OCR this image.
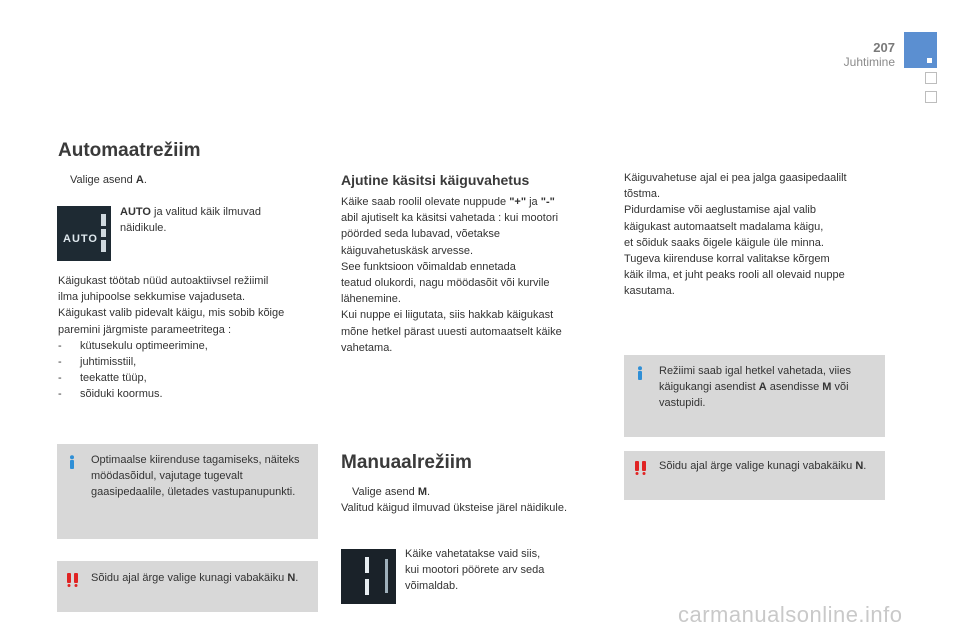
207
Juhtimine
Automaatrežiim
Valige asend A.
AUTO
AUTO ja valitud käik ilmuvad näidikule.

Käigukast töötab nüüd autoaktiivsel režiimil

ilma juhipoolse sekkumise vajaduseta.

Käigukast valib pidevalt käigu, mis sobib kõige

paremini järgmiste parameetritega :

-	kütusekulu optimeerimine,
-	juhtimisstiil,
-	teekatte tüüp,
-	sõiduki koormus.
Optimaalse kiirenduse tagamiseks, näiteks möödasõidul, vajutage tugevalt gaasipedaalile, ületades vastupanupunkti.
Sõidu ajal ärge valige kunagi vabakäiku N.
Ajutine käsitsi käiguvahetus

Käike saab roolil olevate nuppude "+" ja "-"

abil ajutiselt ka käsitsi vahetada : kui mootori

pöörded seda lubavad, võetakse

käiguvahetuskäsk arvesse.

See funktsioon võimaldab ennetada

teatud olukordi, nagu möödasõit või kurvile

lähenemine.

Kui nuppe ei liigutata, siis hakkab käigukast

mõne hetkel pärast uuesti automaatselt käike

vahetama.

Manuaalrežiim
Valige asend M.

Valitud käigud ilmuvad üksteise järel näidikule.

Käike vahetatakse vaid siis,

kui mootori pöörete arv seda

võimaldab.

Käiguvahetuse ajal ei pea jalga gaasipedaalilt

tõstma.

Pidurdamise või aeglustamise ajal valib

käigukast automaatselt madalama käigu,

et sõiduk saaks õigele käigule üle minna.

Tugeva kiirenduse korral valitakse kõrgem

käik ilma, et juht peaks rooli all olevaid nuppe

kasutama.

Režiimi saab igal hetkel vahetada, viies käigukangi asendist A asendisse M või vastupidi.
Sõidu ajal ärge valige kunagi vabakäiku N.
carmanualsonline.info
